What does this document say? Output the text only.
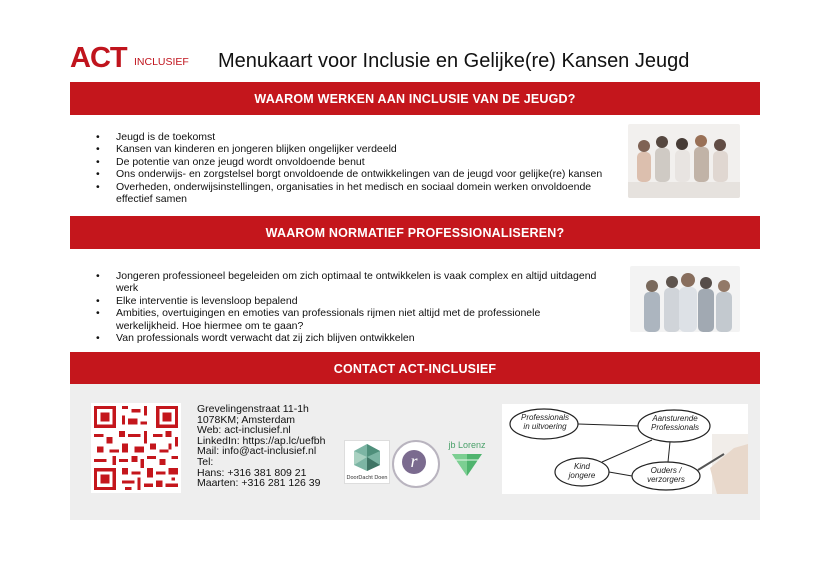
ACT INCLUSIEF Menukaart voor Inclusie en Gelijke(re) Kansen Jeugd
WAAROM WERKEN AAN INCLUSIE VAN DE JEUGD?
• Jeugd is de toekomst
• Kansen van kinderen en jongeren blijken ongelijker verdeeld
• De potentie van onze jeugd wordt onvoldoende benut
• Ons onderwijs- en zorgstelsel borgt onvoldoende de ontwikkelingen van de jeugd voor gelijke(re) kansen
• Overheden, onderwijsinstellingen, organisaties in het medisch en sociaal domein werken onvoldoende effectief samen
WAAROM NORMATIEF PROFESSIONALISEREN?
• Jongeren professioneel begeleiden om zich optimaal te ontwikkelen is vaak complex en altijd uitdagend werk
• Elke interventie is levensloop bepalend
• Ambities, overtuigingen en emoties van professionals rijmen niet altijd met de professionele werkelijkheid. Hoe hiermee om te gaan?
• Van professionals wordt verwacht dat zij zich blijven ontwikkelen
CONTACT ACT-INCLUSIEF
Grevelingenstraat 11-1h
1078KM; Amsterdam
Web: act-inclusief.nl
LinkedIn: https://ap.lc/uefbh
Mail: info@act-inclusief.nl
Tel:
Hans: +316 381 809 21
Maarten: +316 281 126 39	DoorDacht Doen
r
jb Lorenz
Professionals in uitvoering
Aansturende Professionals
Kind jongere	Ouders / verzorgers
